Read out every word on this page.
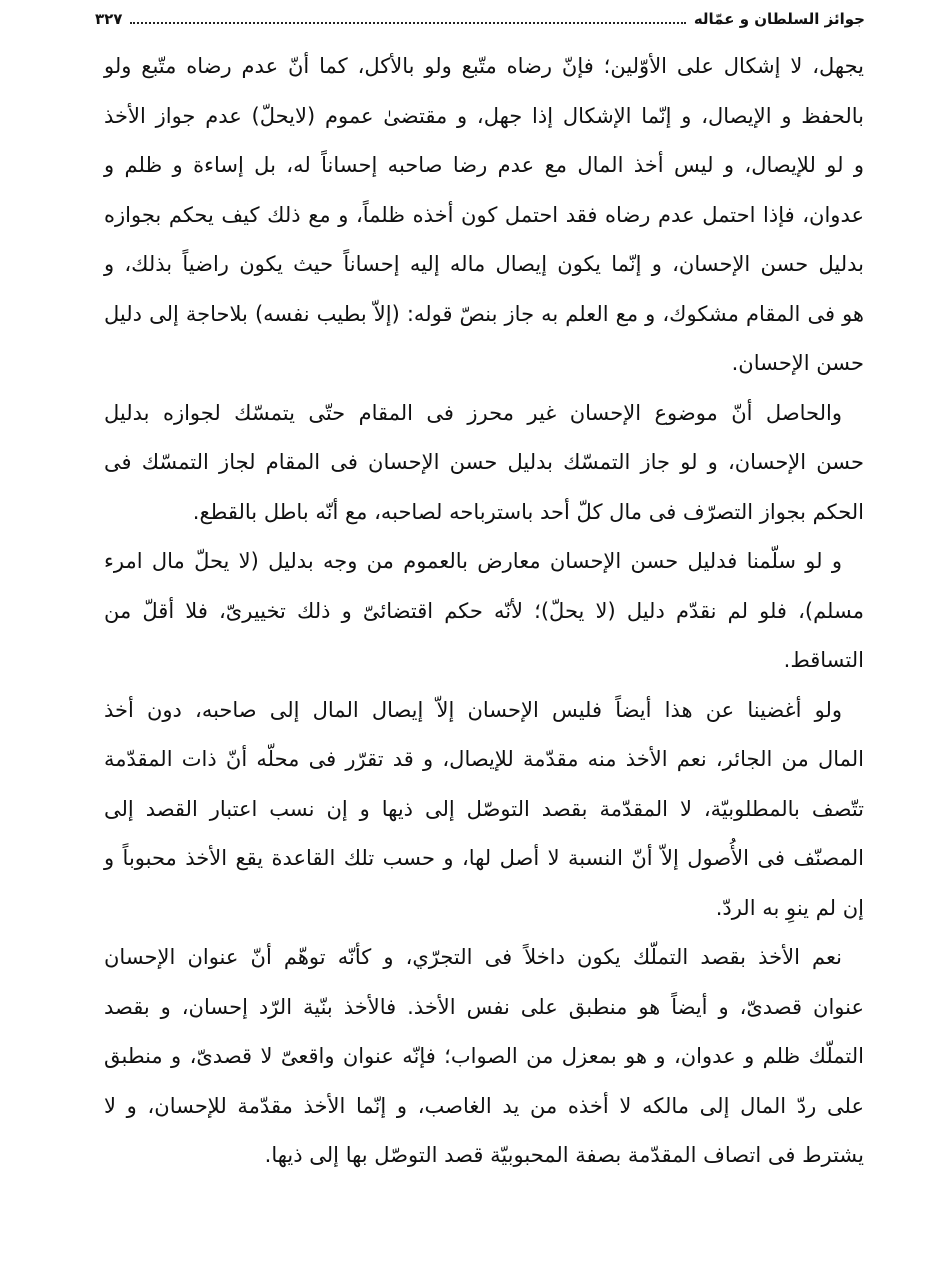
جوائز السلطان و عمّاله
٣٢٧
يجهل، لا إشكال على الأوّلين؛ فإنّ رضاه متّبع ولو بالأكل، كما أنّ عدم رضاه متّبع ولو
بالحفظ و الإيصال، و إنّما الإشكال إذا جهل، و مقتضىٰ عموم (لايحلّ) عدم جواز الأخذ
و لو للإيصال، و ليس أخذ المال مع عدم رضا صاحبه إحساناً له، بل إساءة و ظلم و
عدوان، فإذا احتمل عدم رضاه فقد احتمل كون أخذه ظلماً، و مع ذلك كيف يحكم بجوازه
بدليل حسن الإحسان، و إنّما يكون إيصال ماله إليه إحساناً حيث يكون راضياً بذلك، و
هو فى المقام مشكوك، و مع العلم به جاز بنصّ قوله: (إلاّ بطيب نفسه) بلاحاجة إلى دليل
حسن الإحسان.
والحاصل أنّ موضوع الإحسان غير محرز فى المقام حتّى يتمسّك لجوازه بدليل
حسن الإحسان، و لو جاز التمسّك بدليل حسن الإحسان فى المقام لجاز التمسّك فى
الحكم بجواز التصرّف فى مال كلّ أحد باسترباحه لصاحبه، مع أنّه باطل بالقطع.
و لو سلّمنا فدليل حسن الإحسان معارض بالعموم من وجه بدليل (لا يحلّ مال امرء
مسلم)، فلو لم نقدّم دليل (لا يحلّ)؛ لأنّه حكم اقتضائىّ و ذلك تخييرىّ، فلا أقلّ من
التساقط.
ولو أغضينا عن هذا أيضاً فليس الإحسان إلاّ إيصال المال إلى صاحبه، دون أخذ
المال من الجائر، نعم الأخذ منه مقدّمة للإيصال، و قد تقرّر فى محلّه أنّ ذات المقدّمة
تتّصف بالمطلوبيّة، لا المقدّمة بقصد التوصّل إلى ذيها و إن نسب اعتبار القصد إلى
المصنّف فى الأُصول إلاّ أنّ النسبة لا أصل لها، و حسب تلك القاعدة يقع الأخذ محبوباً و
إن لم ينوِ به الردّ.
نعم الأخذ بقصد التملّك يكون داخلاً فى التجرّي، و كأنّه توهّم أنّ عنوان الإحسان
عنوان قصدىّ، و أيضاً هو منطبق على نفس الأخذ. فالأخذ بنّية الرّد إحسان، و بقصد
التملّك ظلم و عدوان، و هو بمعزل من الصواب؛ فإنّه عنوان واقعىّ لا قصدىّ، و منطبق
على ردّ المال إلى مالكه لا أخذه من يد الغاصب، و إنّما الأخذ مقدّمة للإحسان، و لا
يشترط فى اتصاف المقدّمة بصفة المحبوبيّة قصد التوصّل بها إلى ذيها.
